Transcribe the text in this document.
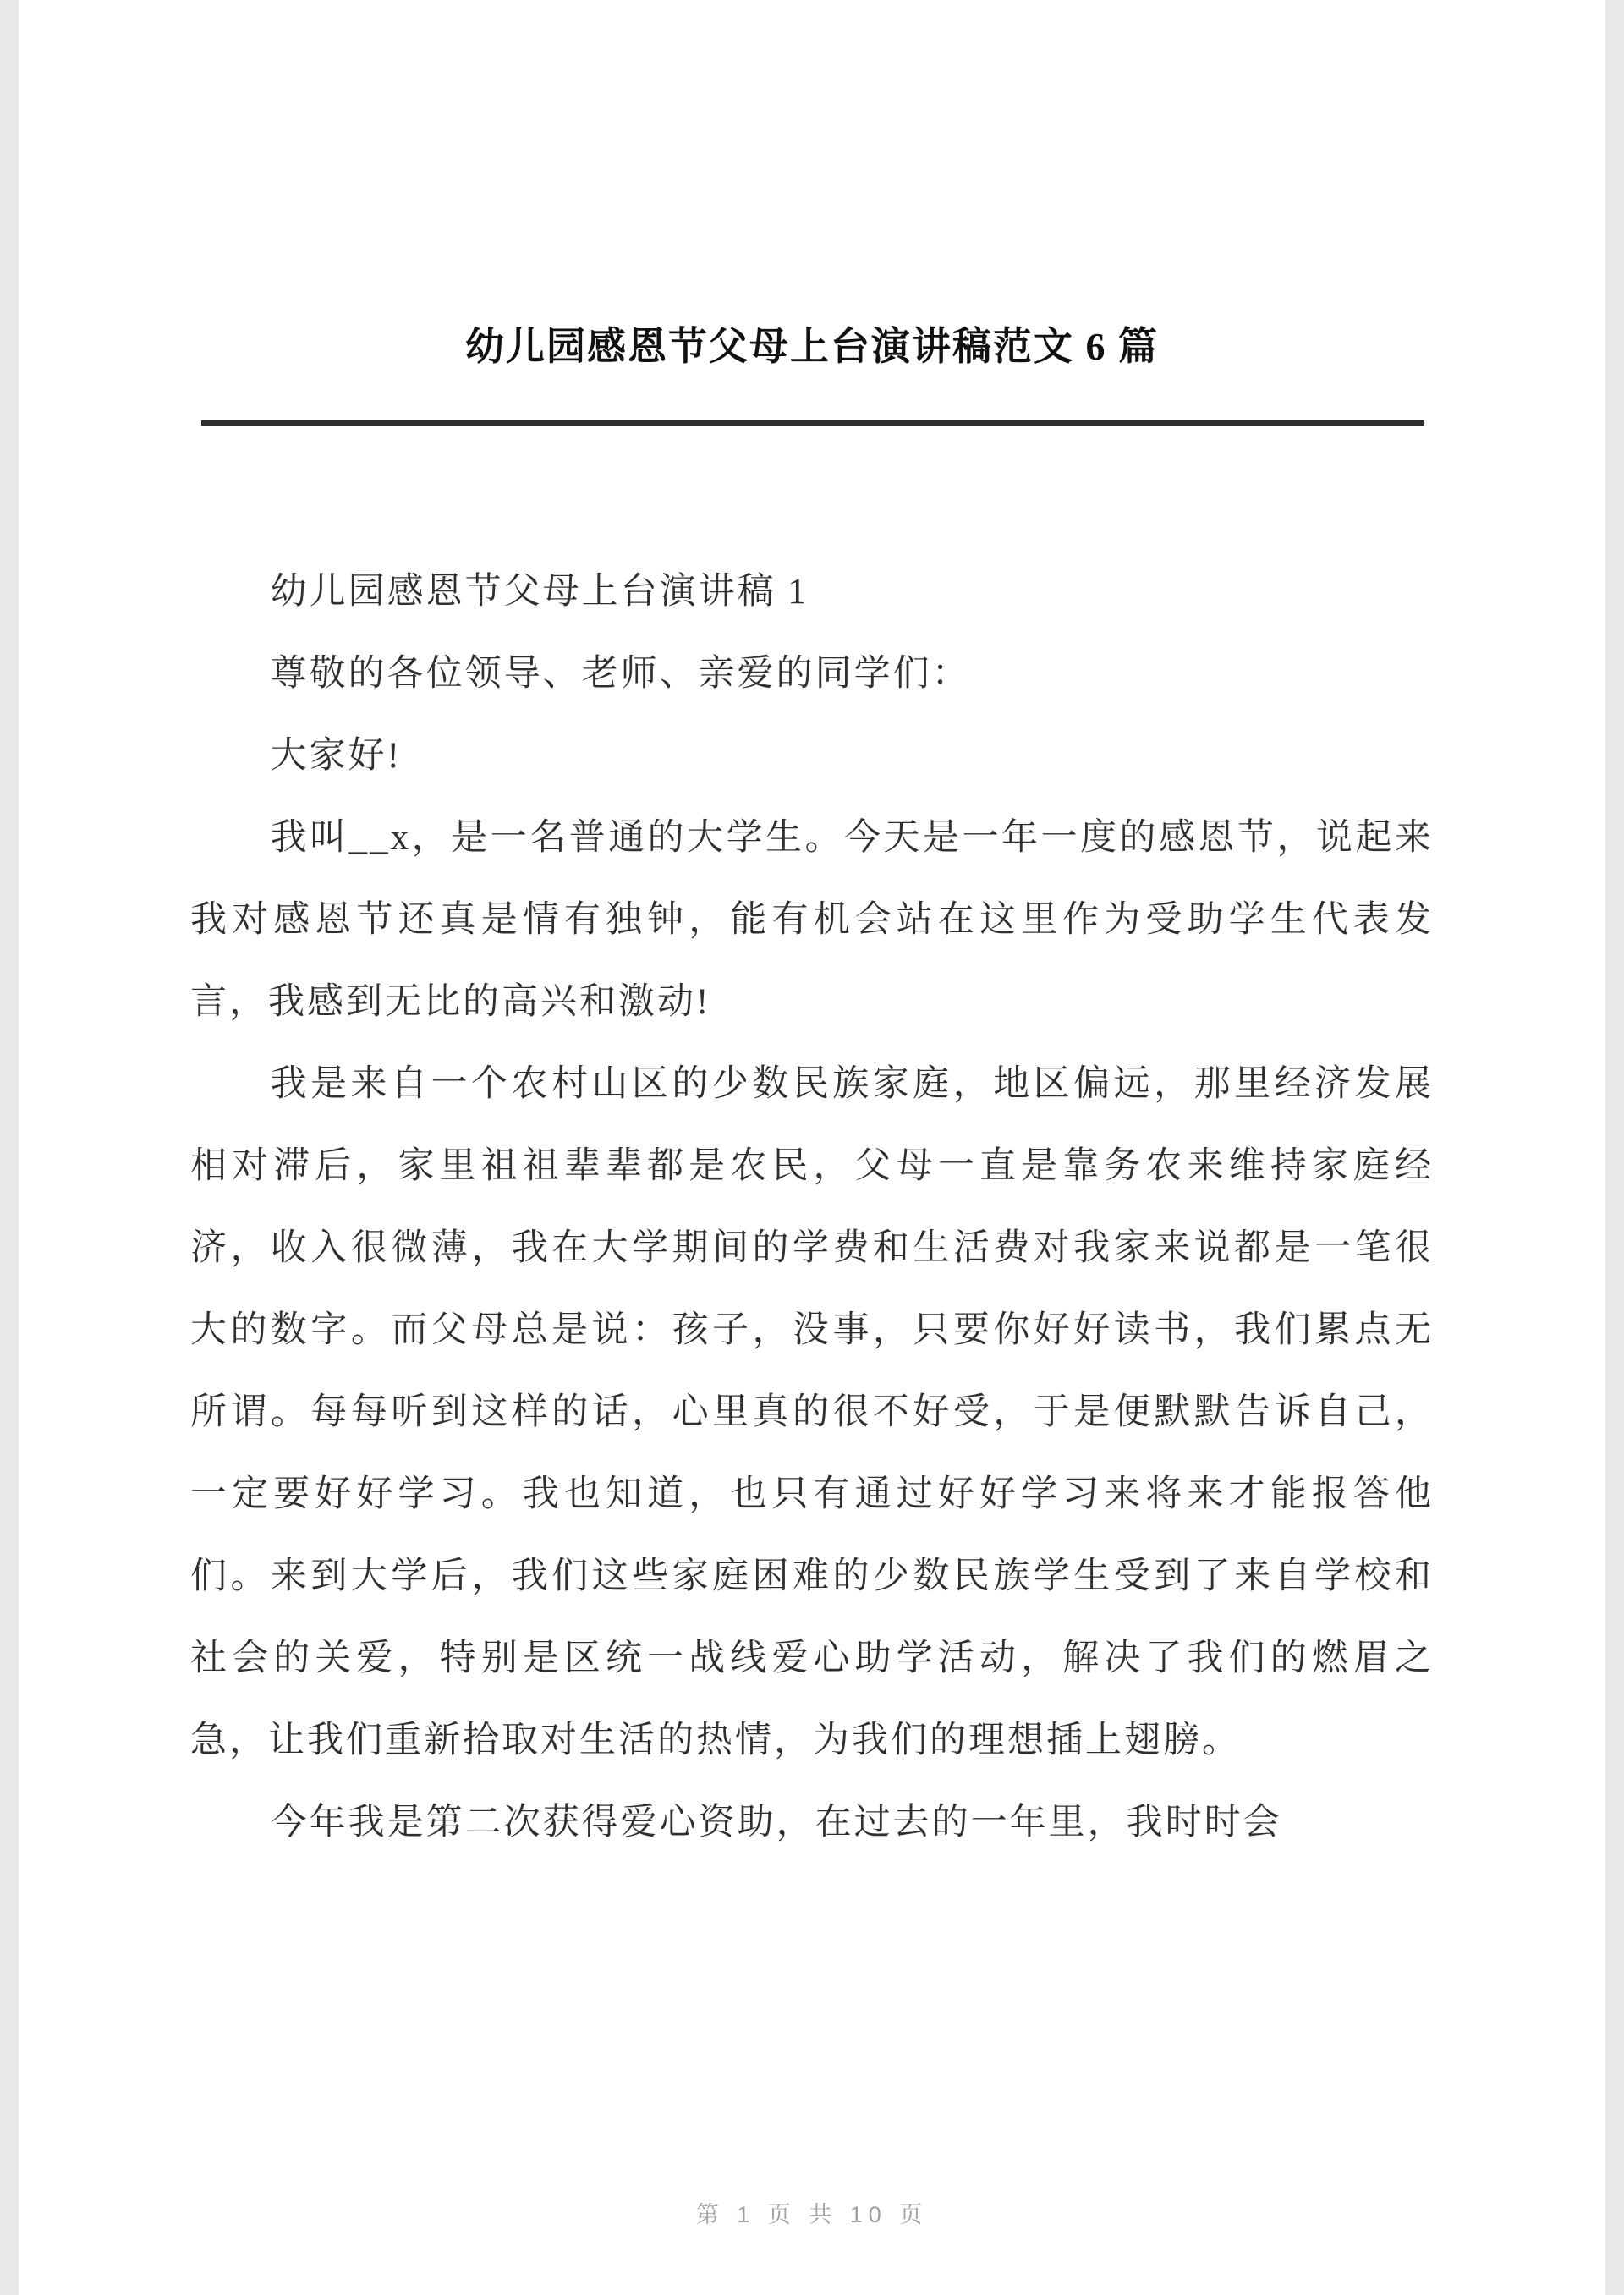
幼儿园感恩节父母上台演讲稿范文 6 篇

幼儿园感恩节父母上台演讲稿 1

尊敬的各位领导、老师、亲爱的同学们：

大家好!

我叫__x，是一名普通的大学生。今天是一年一度的感恩节，说起来我对感恩节还真是情有独钟，能有机会站在这里作为受助学生代表发言，我感到无比的高兴和激动!

我是来自一个农村山区的少数民族家庭，地区偏远，那里经济发展相对滞后，家里祖祖辈辈都是农民，父母一直是靠务农来维持家庭经济，收入很微薄，我在大学期间的学费和生活费对我家来说都是一笔很大的数字。而父母总是说：孩子，没事，只要你好好读书，我们累点无所谓。每每听到这样的话，心里真的很不好受，于是便默默告诉自己，一定要好好学习。我也知道，也只有通过好好学习来将来才能报答他们。来到大学后，我们这些家庭困难的少数民族学生受到了来自学校和社会的关爱，特别是区统一战线爱心助学活动，解决了我们的燃眉之急，让我们重新拾取对生活的热情，为我们的理想插上翅膀。

今年我是第二次获得爱心资助，在过去的一年里，我时时会

第 1 页 共 10 页
